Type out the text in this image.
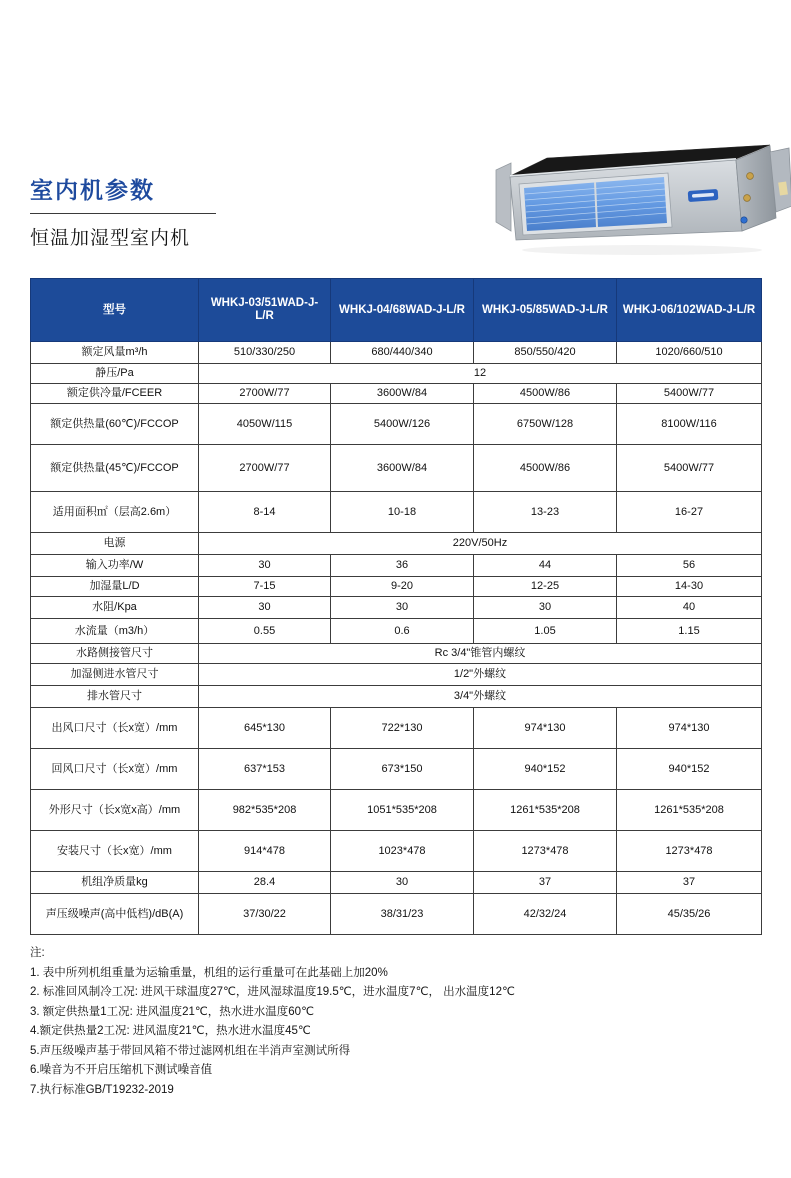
室内机参数
恒温加湿型室内机
型号	WHKJ-03/51WAD-J-L/R	WHKJ-04/68WAD-J-L/R	WHKJ-05/85WAD-J-L/R	WHKJ-06/102WAD-J-L/R
额定风量m³/h	510/330/250	680/440/340	850/550/420	1020/660/510
静压/Pa	12			
额定供冷量/FCEER	2700W/77	3600W/84	4500W/86	5400W/77
额定供热量(60℃)/FCCOP	4050W/115	5400W/126	6750W/128	8100W/116
额定供热量(45℃)/FCCOP	2700W/77	3600W/84	4500W/86	5400W/77
适用面积㎡（层高2.6m）	8-14	10-18	13-23	16-27
电源	220V/50Hz			
输入功率/W	30	36	44	56
加湿量L/D	7-15	9-20	12-25	14-30
水阻/Kpa	30	30	30	40
水流量（m3/h）	0.55	0.6	1.05	1.15
水路侧接管尺寸	Rc 3/4"锥管内螺纹			
加湿侧进水管尺寸	1/2"外螺纹			
排水管尺寸	3/4"外螺纹			
出风口尺寸（长x宽）/mm	645*130	722*130	974*130	974*130
回风口尺寸（长x宽）/mm	637*153	673*150	940*152	940*152
外形尺寸（长x宽x高）/mm	982*535*208	1051*535*208	1261*535*208	1261*535*208
安装尺寸（长x宽）/mm	914*478	1023*478	1273*478	1273*478
机组净质量kg	28.4	30	37	37
声压级噪声(高中低档)/dB(A)	37/30/22	38/31/23	42/32/24	45/35/26
注:
1. 表中所列机组重量为运输重量，机组的运行重量可在此基础上加20%
2. 标准回风制冷工况: 进风干球温度27℃，进风湿球温度19.5℃，进水温度7℃， 出水温度12℃
3. 额定供热量1工况: 进风温度21℃，热水进水温度60℃
4.额定供热量2工况: 进风温度21℃，热水进水温度45℃
5.声压级噪声基于带回风箱不带过滤网机组在半消声室测试所得
6.噪音为不开启压缩机下测试噪音值
7.执行标准GB/T19232-2019
